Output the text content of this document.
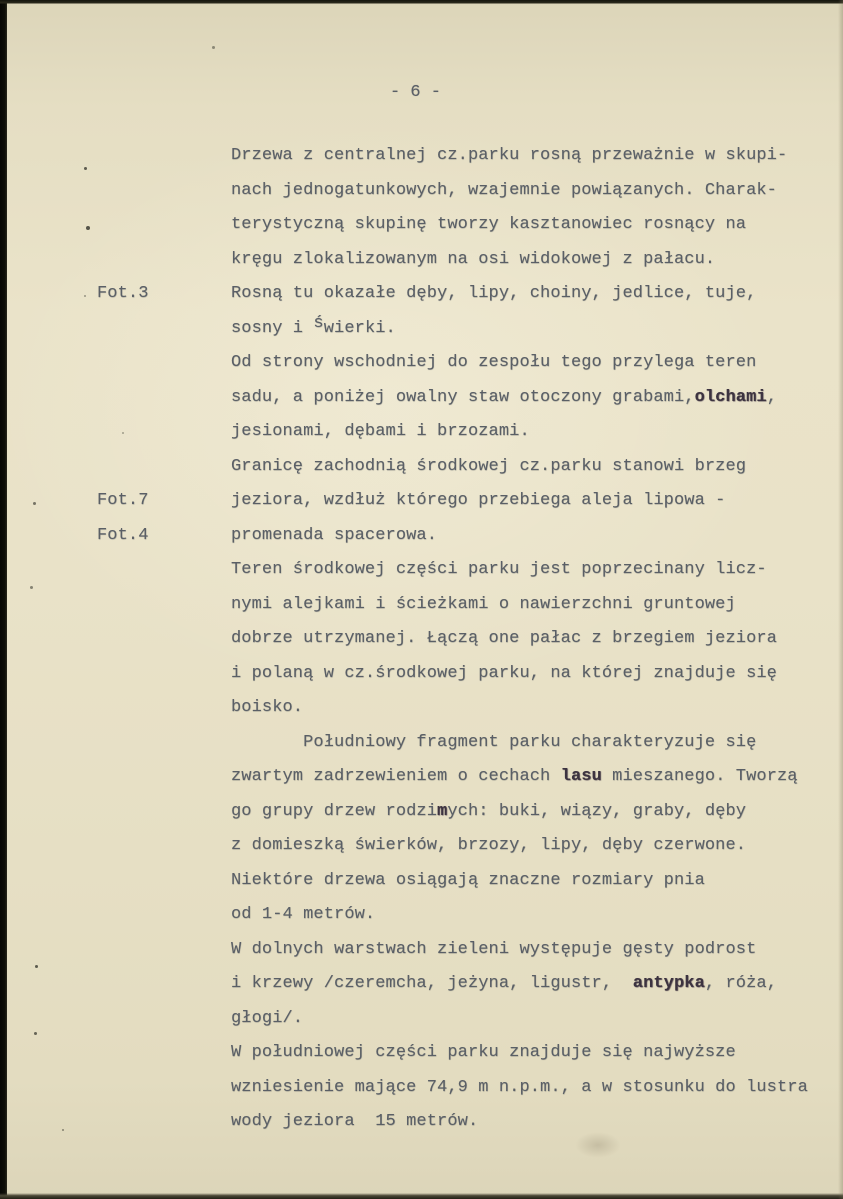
- 6 -
Drzewa z centralnej cz.parku rosną przeważnie w skupi-
nach jednogatunkowych, wzajemnie powiązanych. Charak-
terystyczną skupinę tworzy kasztanowiec rosnący na
kręgu zlokalizowanym na osi widokowej z pałacu.
Fot.3	Rosną tu okazałe dęby, lipy, choiny, jedlice, tuje,
sosny i świerki.
Od strony wschodniej do zespołu tego przylega teren
sadu, a poniżej owalny staw otoczony grabami,olchami,
jesionami, dębami i brzozami.
Granicę zachodnią środkowej cz.parku stanowi brzeg
Fot.7	jeziora, wzdłuż którego przebiega aleja lipowa -
Fot.4	promenada spacerowa.
Teren środkowej części parku jest poprzecinany licz-
nymi alejkami i ścieżkami o nawierzchni gruntowej
dobrze utrzymanej. Łączą one pałac z brzegiem jeziora
i polaną w cz.środkowej parku, na której znajduje się
boisko.
Południowy fragment parku charakteryzuje się
zwartym zadrzewieniem o cechach lasu mieszanego. Tworzą
go grupy drzew rodzimych: buki, wiązy, graby, dęby
z domieszką świerków, brzozy, lipy, dęby czerwone.
Niektóre drzewa osiągają znaczne rozmiary pnia
od 1-4 metrów.
W dolnych warstwach zieleni występuje gęsty podrost
i krzewy /czeremcha, jeżyna, ligustr,  antypka, róża,
głogi/.
W południowej części parku znajduje się najwyższe
wzniesienie mające 74,9 m n.p.m., a w stosunku do lustra
wody jeziora  15 metrów.
